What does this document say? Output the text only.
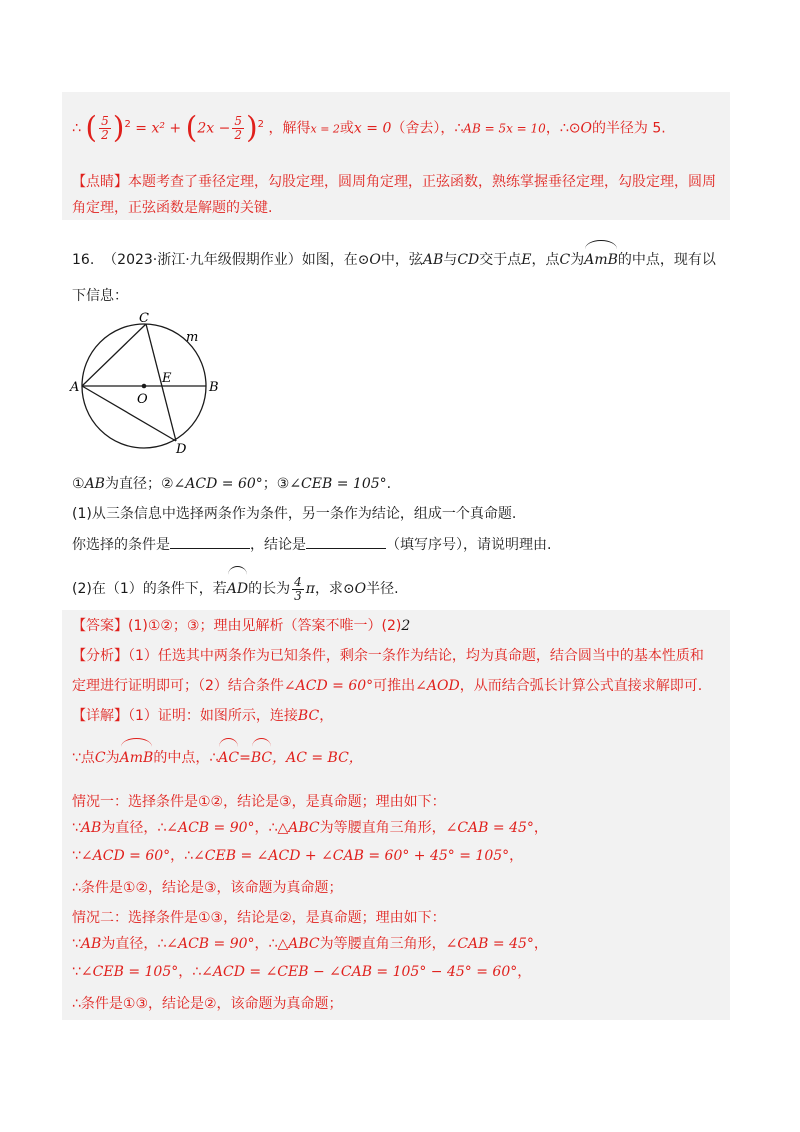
∴ ( $\frac{5}{2} )^2 = x^2 + (2x - \frac{5}{2} )^2$ ，解得x = 2或x = 0（舍去），∴AB = 5x = 10，∴⊙O的半径为 5.
【点睛】本题考查了垂径定理，勾股定理，圆周角定理，正弦函数，熟练掌握垂径定理，勾股定理，圆周
角定理，正弦函数是解题的关键.
16. （2023·浙江·九年级假期作业）如图，在⊙O中，弦AB与CD交于点E，点C为AmB的中点，现有以
下信息：
C
m
A
E
B
O
D
①AB为直径；②∠ACD = 60°；③∠CEB = 105°.
(1)从三条信息中选择两条作为条件，另一条作为结论，组成一个真命题.
你选择的条件是	，结论是	（填写序号），请说明理由.
(2)在（1）的条件下，若AD的长为 $\frac{4}{3}$ π，求⊙O半径.
【答案】(1)①②；③；理由见解析（答案不唯一）(2)2
【分析】（1）任选其中两条作为已知条件，剩余一条作为结论，均为真命题，结合圆当中的基本性质和
定理进行证明即可；（2）结合条件∠ACD = 60°可推出∠AOD，从而结合弧长计算公式直接求解即可.
【详解】（1）证明：如图所示，连接BC，
∵点C为AmB的中点，∴AC=BC，AC = BC，
情况一：选择条件是①②，结论是③，是真命题；理由如下：
∵AB为直径，∴∠ACB = 90°，∴△ABC为等腰直角三角形，∠CAB = 45°，
∵∠ACD = 60°，∴∠CEB = ∠ACD + ∠CAB = 60° + 45° = 105°，
∴条件是①②，结论是③，该命题为真命题；
情况二：选择条件是①③，结论是②，是真命题；理由如下：
∵AB为直径，∴∠ACB = 90°，∴△ABC为等腰直角三角形，∠CAB = 45°，
∵∠CEB = 105°，∴∠ACD = ∠CEB − ∠CAB = 105° − 45° = 60°，
∴条件是①③，结论是②，该命题为真命题；
